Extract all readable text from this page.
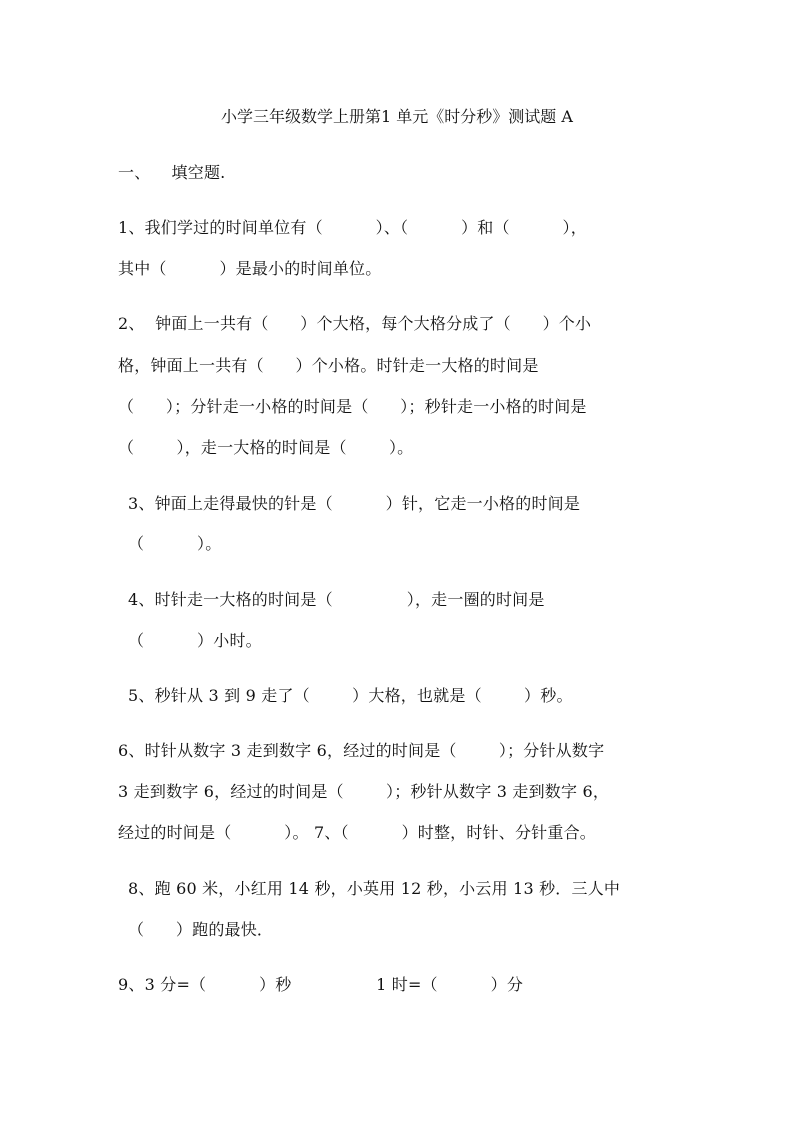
小学三年级数学上册第1 单元《时分秒》测试题 A
一、    填空题.
1、我们学过的时间单位有（          ）、（          ）和（          ），
其中（          ）是最小的时间单位。
2、  钟面上一共有（      ）个大格，每个大格分成了（      ）个小
格，钟面上一共有（      ）个小格。时针走一大格的时间是
（      ）；分针走一小格的时间是（      ）；秒针走一小格的时间是
（        ），走一大格的时间是（        ）。
3、钟面上走得最快的针是（          ）针，它走一小格的时间是
（          ）。
4、时针走一大格的时间是（              ），走一圈的时间是
（          ）小时。
5、秒针从 3 到 9 走了（        ）大格，也就是（        ）秒。
6、时针从数字 3 走到数字 6，经过的时间是（        ）；分针从数字
3 走到数字 6，经过的时间是（        ）；秒针从数字 3 走到数字 6，
经过的时间是（          ）。 7、（          ）时整，时针、分针重合。
8、跑 60 米，小红用 14 秒，小英用 12 秒，小云用 13 秒．三人中
（      ）跑的最快．
9、3 分=（          ）秒                1 时=（          ）分
